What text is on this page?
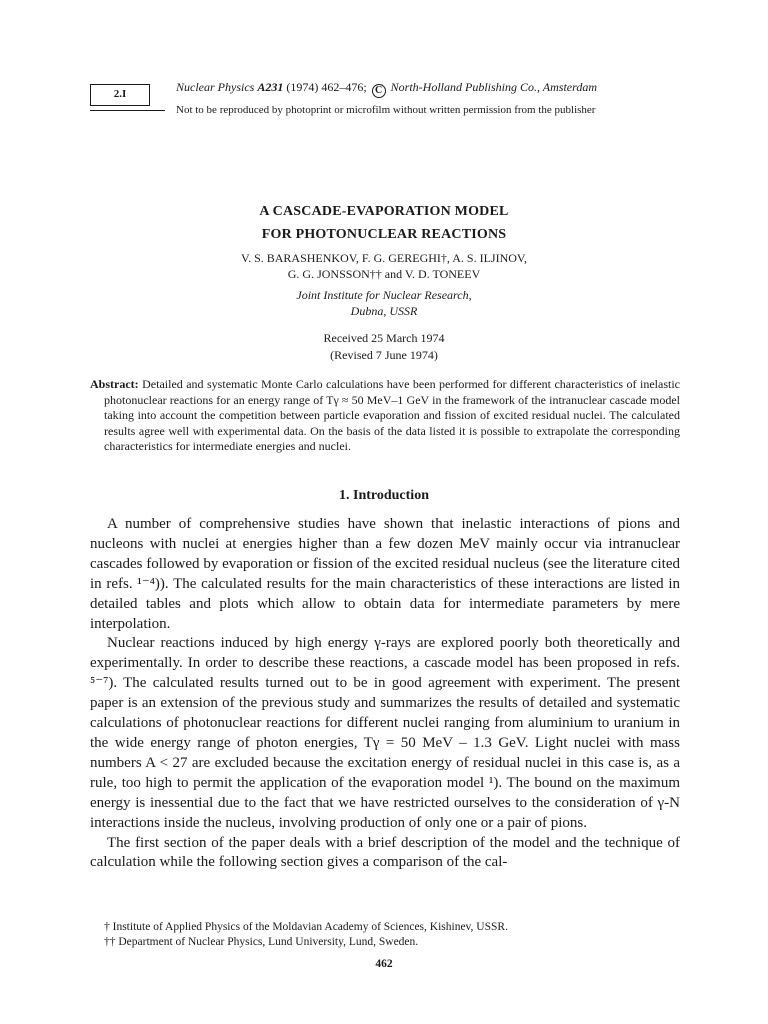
2.I	Nuclear Physics A231 (1974) 462–476; C North-Holland Publishing Co., Amsterdam
Not to be reproduced by photoprint or microfilm without written permission from the publisher
A CASCADE-EVAPORATION MODEL
FOR PHOTONUCLEAR REACTIONS
V. S. BARASHENKOV, F. G. GEREGHI†, A. S. ILJINOV,
G. G. JONSSON†† and V. D. TONEEV
Joint Institute for Nuclear Research,
Dubna, USSR
Received 25 March 1974
(Revised 7 June 1974)

Abstract: Detailed and systematic Monte Carlo calculations have been performed for different characteristics of inelastic photonuclear reactions for an energy range of Tγ ≈ 50 MeV–1 GeV in the framework of the intranuclear cascade model taking into account the competition between particle evaporation and fission of excited residual nuclei. The calculated results agree well with experimental data. On the basis of the data listed it is possible to extrapolate the corresponding characteristics for intermediate energies and nuclei.

1. Introduction

A number of comprehensive studies have shown that inelastic interactions of pions and nucleons with nuclei at energies higher than a few dozen MeV mainly occur via intranuclear cascades followed by evaporation or fission of the excited residual nucleus (see the literature cited in refs. ¹⁻⁴)). The calculated results for the main characteristics of these interactions are listed in detailed tables and plots which allow to obtain data for intermediate parameters by mere interpolation.

Nuclear reactions induced by high energy γ-rays are explored poorly both theoretically and experimentally. In order to describe these reactions, a cascade model has been proposed in refs. ⁵⁻⁷). The calculated results turned out to be in good agreement with experiment. The present paper is an extension of the previous study and summarizes the results of detailed and systematic calculations of photonuclear reactions for different nuclei ranging from aluminium to uranium in the wide energy range of photon energies, Tγ = 50 MeV – 1.3 GeV. Light nuclei with mass numbers A < 27 are excluded because the excitation energy of residual nuclei in this case is, as a rule, too high to permit the application of the evaporation model ¹). The bound on the maximum energy is inessential due to the fact that we have restricted ourselves to the consideration of γ-N interactions inside the nucleus, involving production of only one or a pair of pions.

The first section of the paper deals with a brief description of the model and the technique of calculation while the following section gives a comparison of the cal-

† Institute of Applied Physics of the Moldavian Academy of Sciences, Kishinev, USSR.

†† Department of Nuclear Physics, Lund University, Lund, Sweden.

462
